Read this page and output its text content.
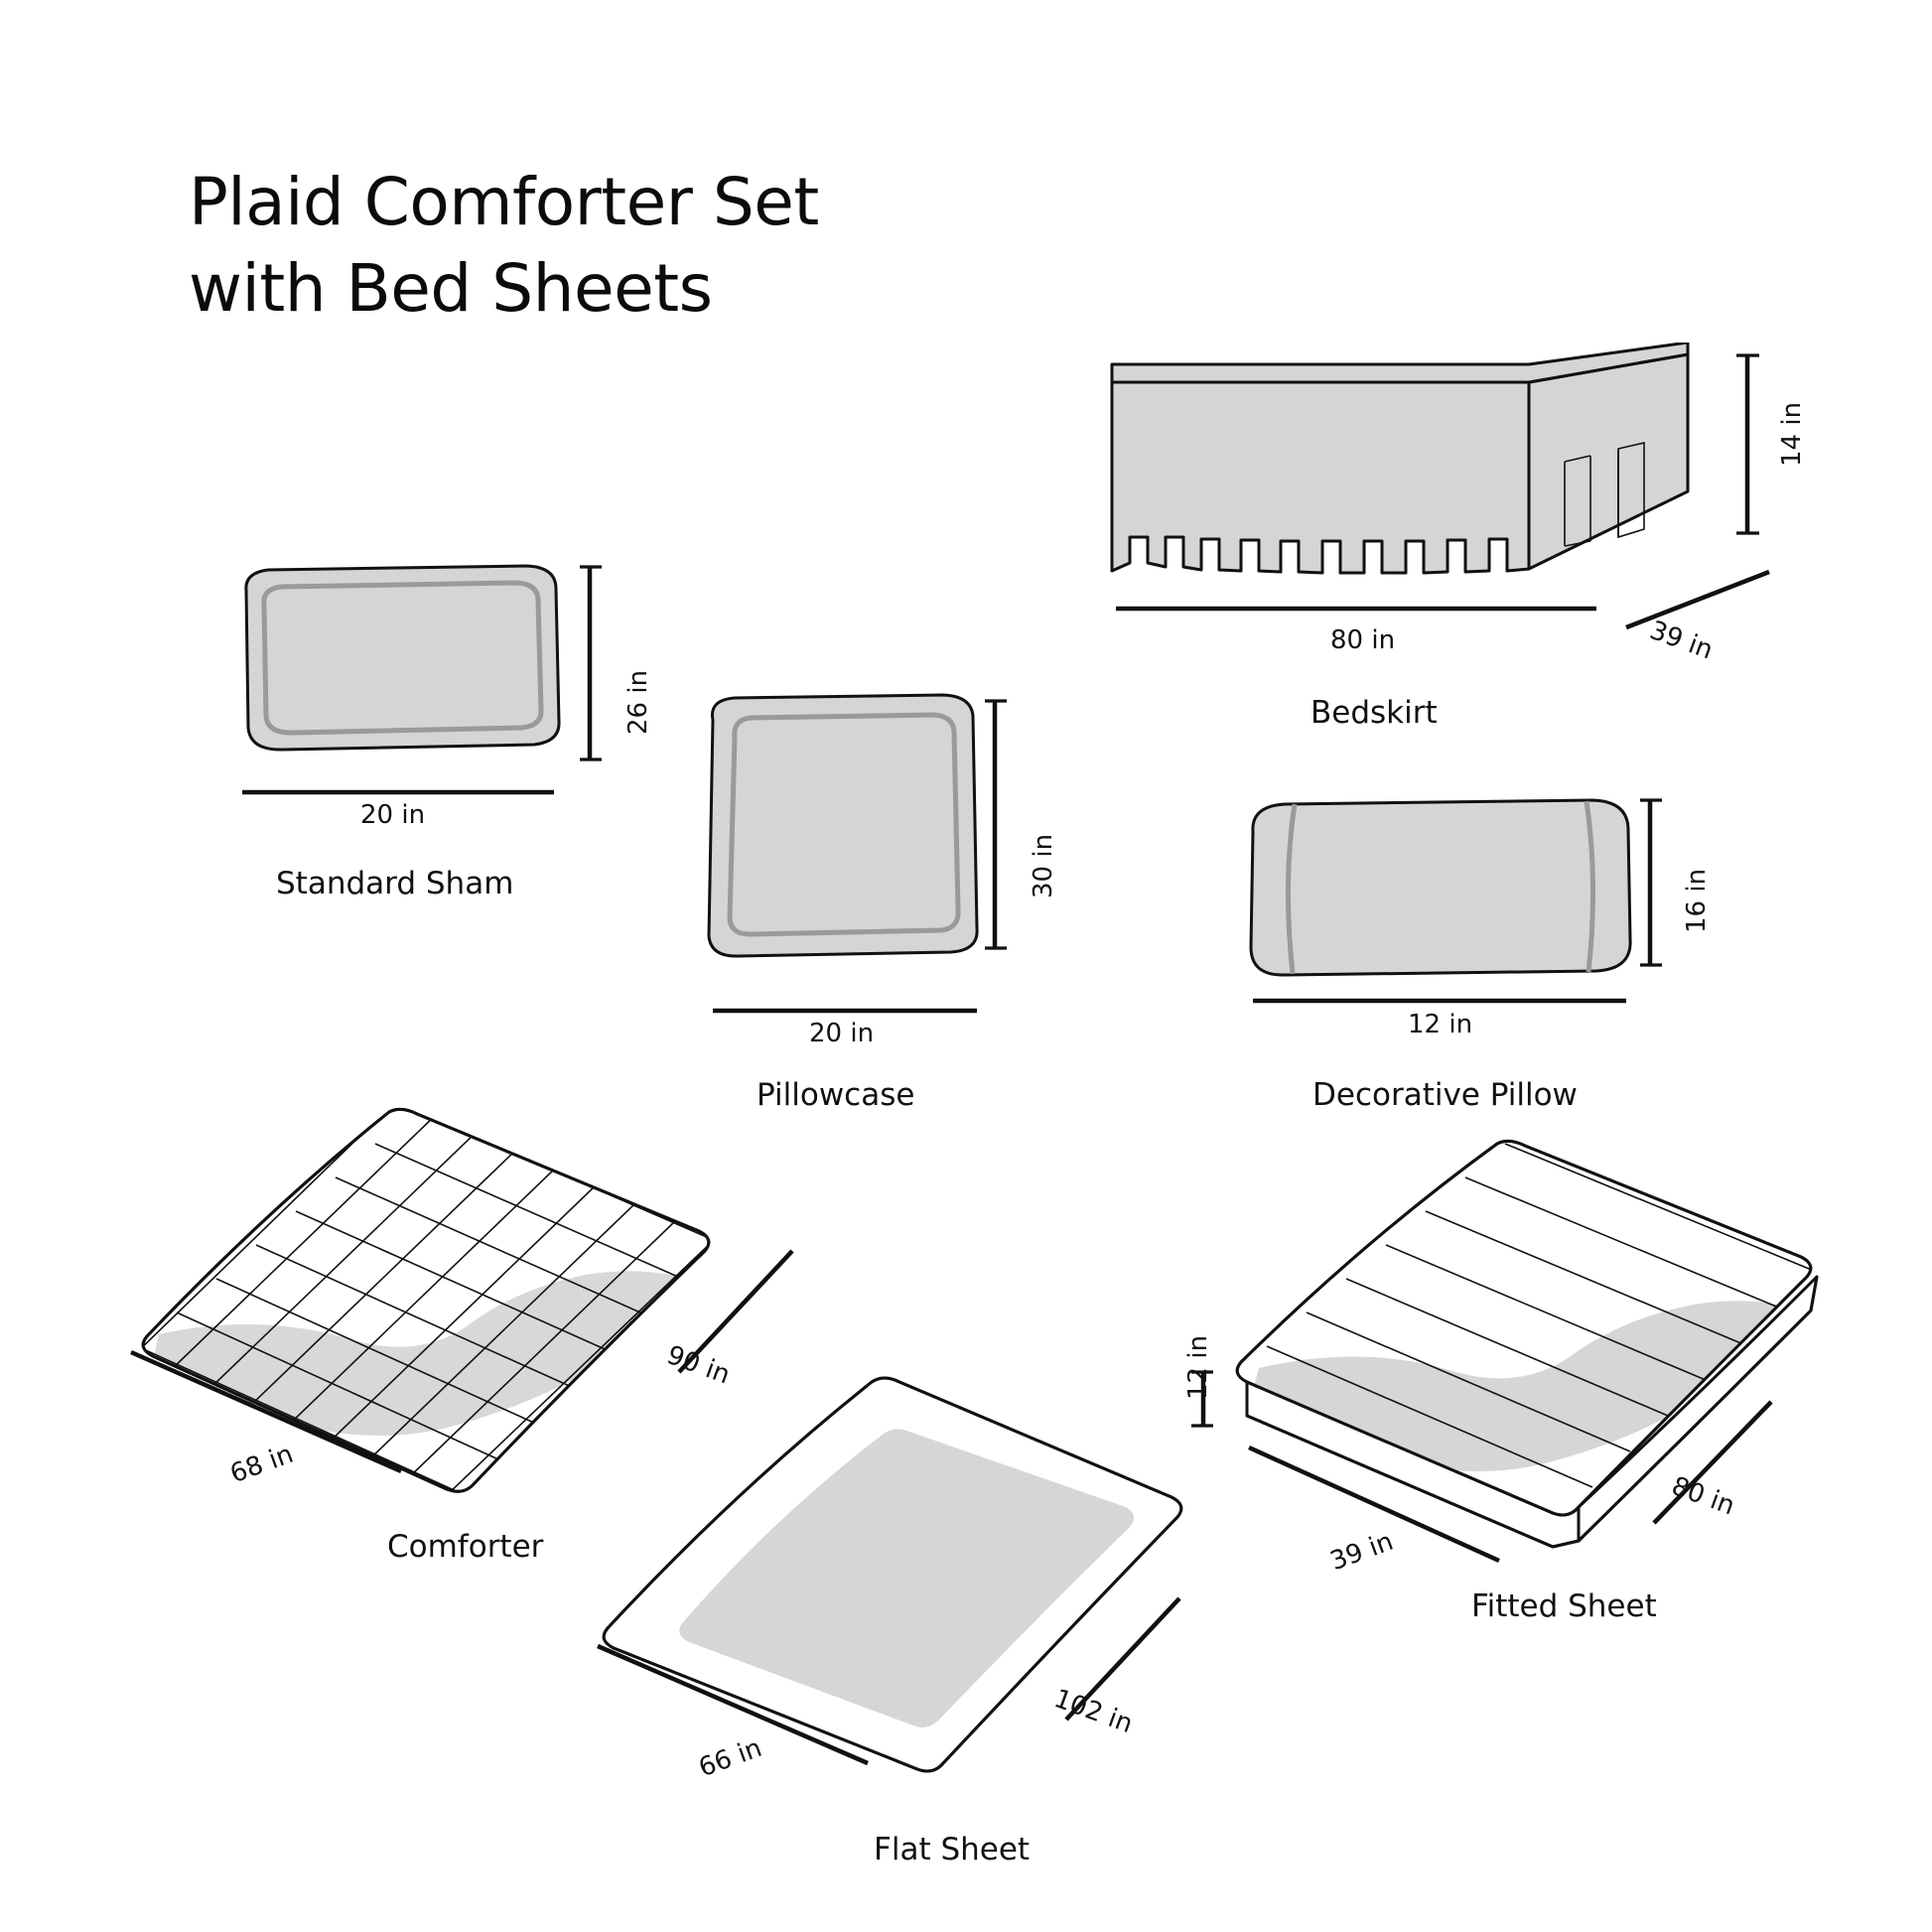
Plaid Comforter Set
with Bed Sheets
26 in
20 in
Standard Sham	30 in
20 in
Pillowcase
14 in
80 in	39 in
Bedskirt
16 in
12 in
Decorative Pillow
90 in
68 in
Comforter
102 in
66 in
Flat Sheet
12 in
80 in
39 in
Fitted Sheet
